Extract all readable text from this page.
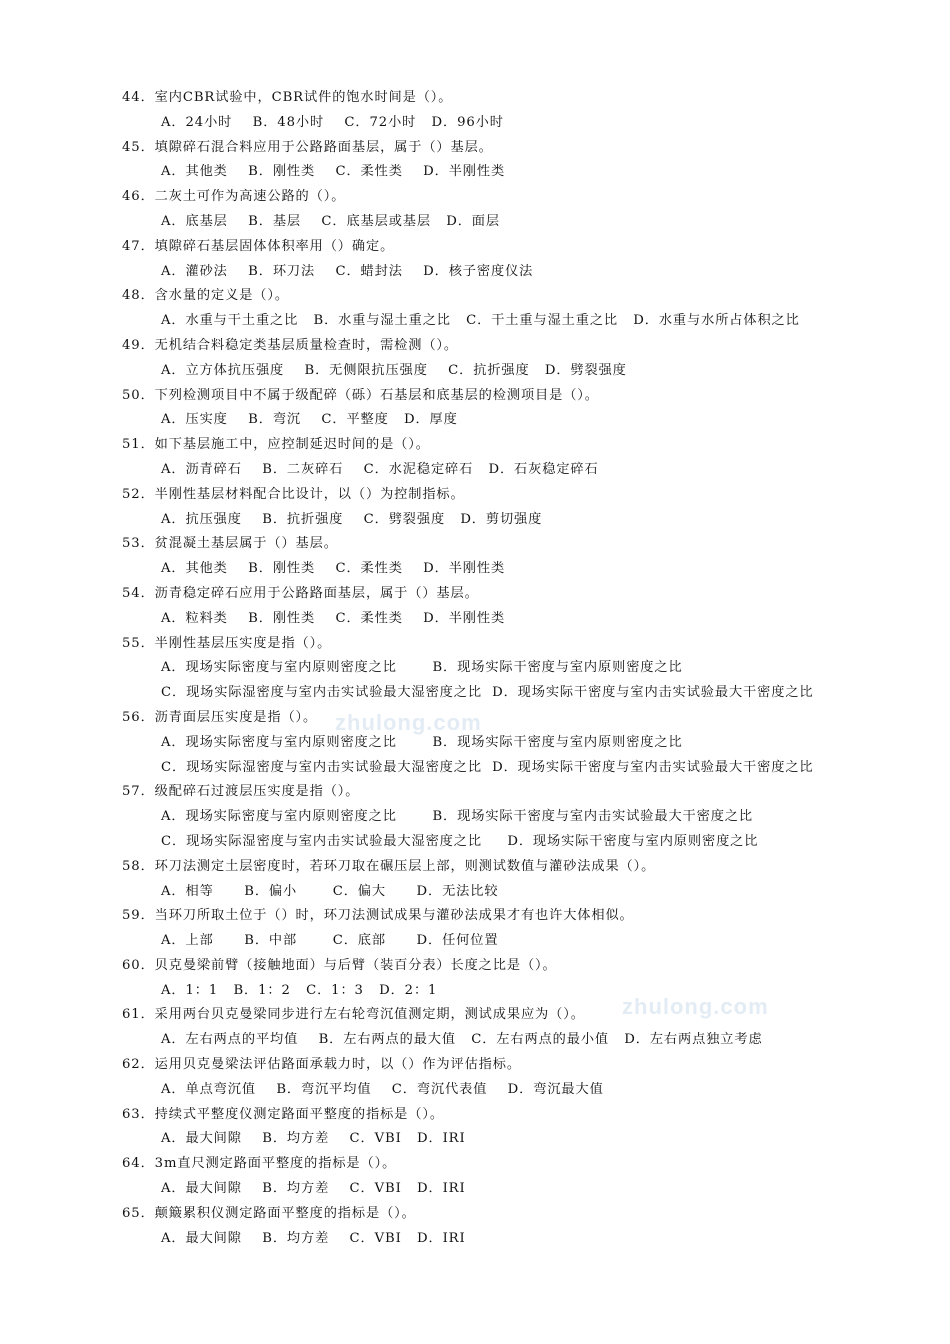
44．室内CBR试验中，CBR试件的饱水时间是（）。
A．24小时    B．48小时    C．72小时   D．96小时
45．填隙碎石混合料应用于公路路面基层，属于（）基层。
A．其他类    B．刚性类    C．柔性类    D．半刚性类
46．二灰土可作为高速公路的（）。
A．底基层    B．基层    C．底基层或基层   D．面层
47．填隙碎石基层固体体积率用（）确定。
A．灌砂法    B．环刀法    C．蜡封法    D．核子密度仪法
48．含水量的定义是（）。
A．水重与干土重之比   B．水重与湿土重之比   C．干土重与湿土重之比   D．水重与水所占体积之比
49．无机结合料稳定类基层质量检查时，需检测（）。
A．立方体抗压强度    B．无侧限抗压强度    C．抗折强度   D．劈裂强度
50．下列检测项目中不属于级配碎（砾）石基层和底基层的检测项目是（）。
A．压实度    B．弯沉    C．平整度   D．厚度
51．如下基层施工中，应控制延迟时间的是（）。
A．沥青碎石    B．二灰碎石    C．水泥稳定碎石   D．石灰稳定碎石
52．半刚性基层材料配合比设计，以（）为控制指标。
A．抗压强度    B．抗折强度    C．劈裂强度   D．剪切强度
53．贫混凝土基层属于（）基层。
A．其他类    B．刚性类    C．柔性类    D．半刚性类
54．沥青稳定碎石应用于公路路面基层，属于（）基层。
A．粒料类    B．刚性类    C．柔性类    D．半刚性类
55．半刚性基层压实度是指（）。
A．现场实际密度与室内原则密度之比       B．现场实际干密度与室内原则密度之比
C．现场实际湿密度与室内击实试验最大湿密度之比  D．现场实际干密度与室内击实试验最大干密度之比
56．沥青面层压实度是指（）。
A．现场实际密度与室内原则密度之比       B．现场实际干密度与室内原则密度之比
C．现场实际湿密度与室内击实试验最大湿密度之比  D．现场实际干密度与室内击实试验最大干密度之比
57．级配碎石过渡层压实度是指（）。
A．现场实际密度与室内原则密度之比       B．现场实际干密度与室内击实试验最大干密度之比
C．现场实际湿密度与室内击实试验最大湿密度之比     D．现场实际干密度与室内原则密度之比
58．环刀法测定土层密度时，若环刀取在碾压层上部，则测试数值与灌砂法成果（）。
A．相等      B．偏小       C．偏大      D．无法比较
59．当环刀所取土位于（）时，环刀法测试成果与灌砂法成果才有也许大体相似。
A．上部      B．中部       C．底部      D．任何位置
60．贝克曼梁前臂（接触地面）与后臂（装百分表）长度之比是（）。
A．1：1   B．1：2   C．1：3   D．2：1
61．采用两台贝克曼梁同步进行左右轮弯沉值测定期，测试成果应为（）。
A．左右两点的平均值    B．左右两点的最大值   C．左右两点的最小值   D．左右两点独立考虑
62．运用贝克曼梁法评估路面承载力时，以（）作为评估指标。
A．单点弯沉值    B．弯沉平均值    C．弯沉代表值    D．弯沉最大值
63．持续式平整度仪测定路面平整度的指标是（）。
A．最大间隙    B．均方差    C．VBI   D．IRI
64．3m直尺测定路面平整度的指标是（）。
A．最大间隙    B．均方差    C．VBI   D．IRI
65．颠簸累积仪测定路面平整度的指标是（）。
A．最大间隙    B．均方差    C．VBI   D．IRI
zhulong.com
zhulong.com
